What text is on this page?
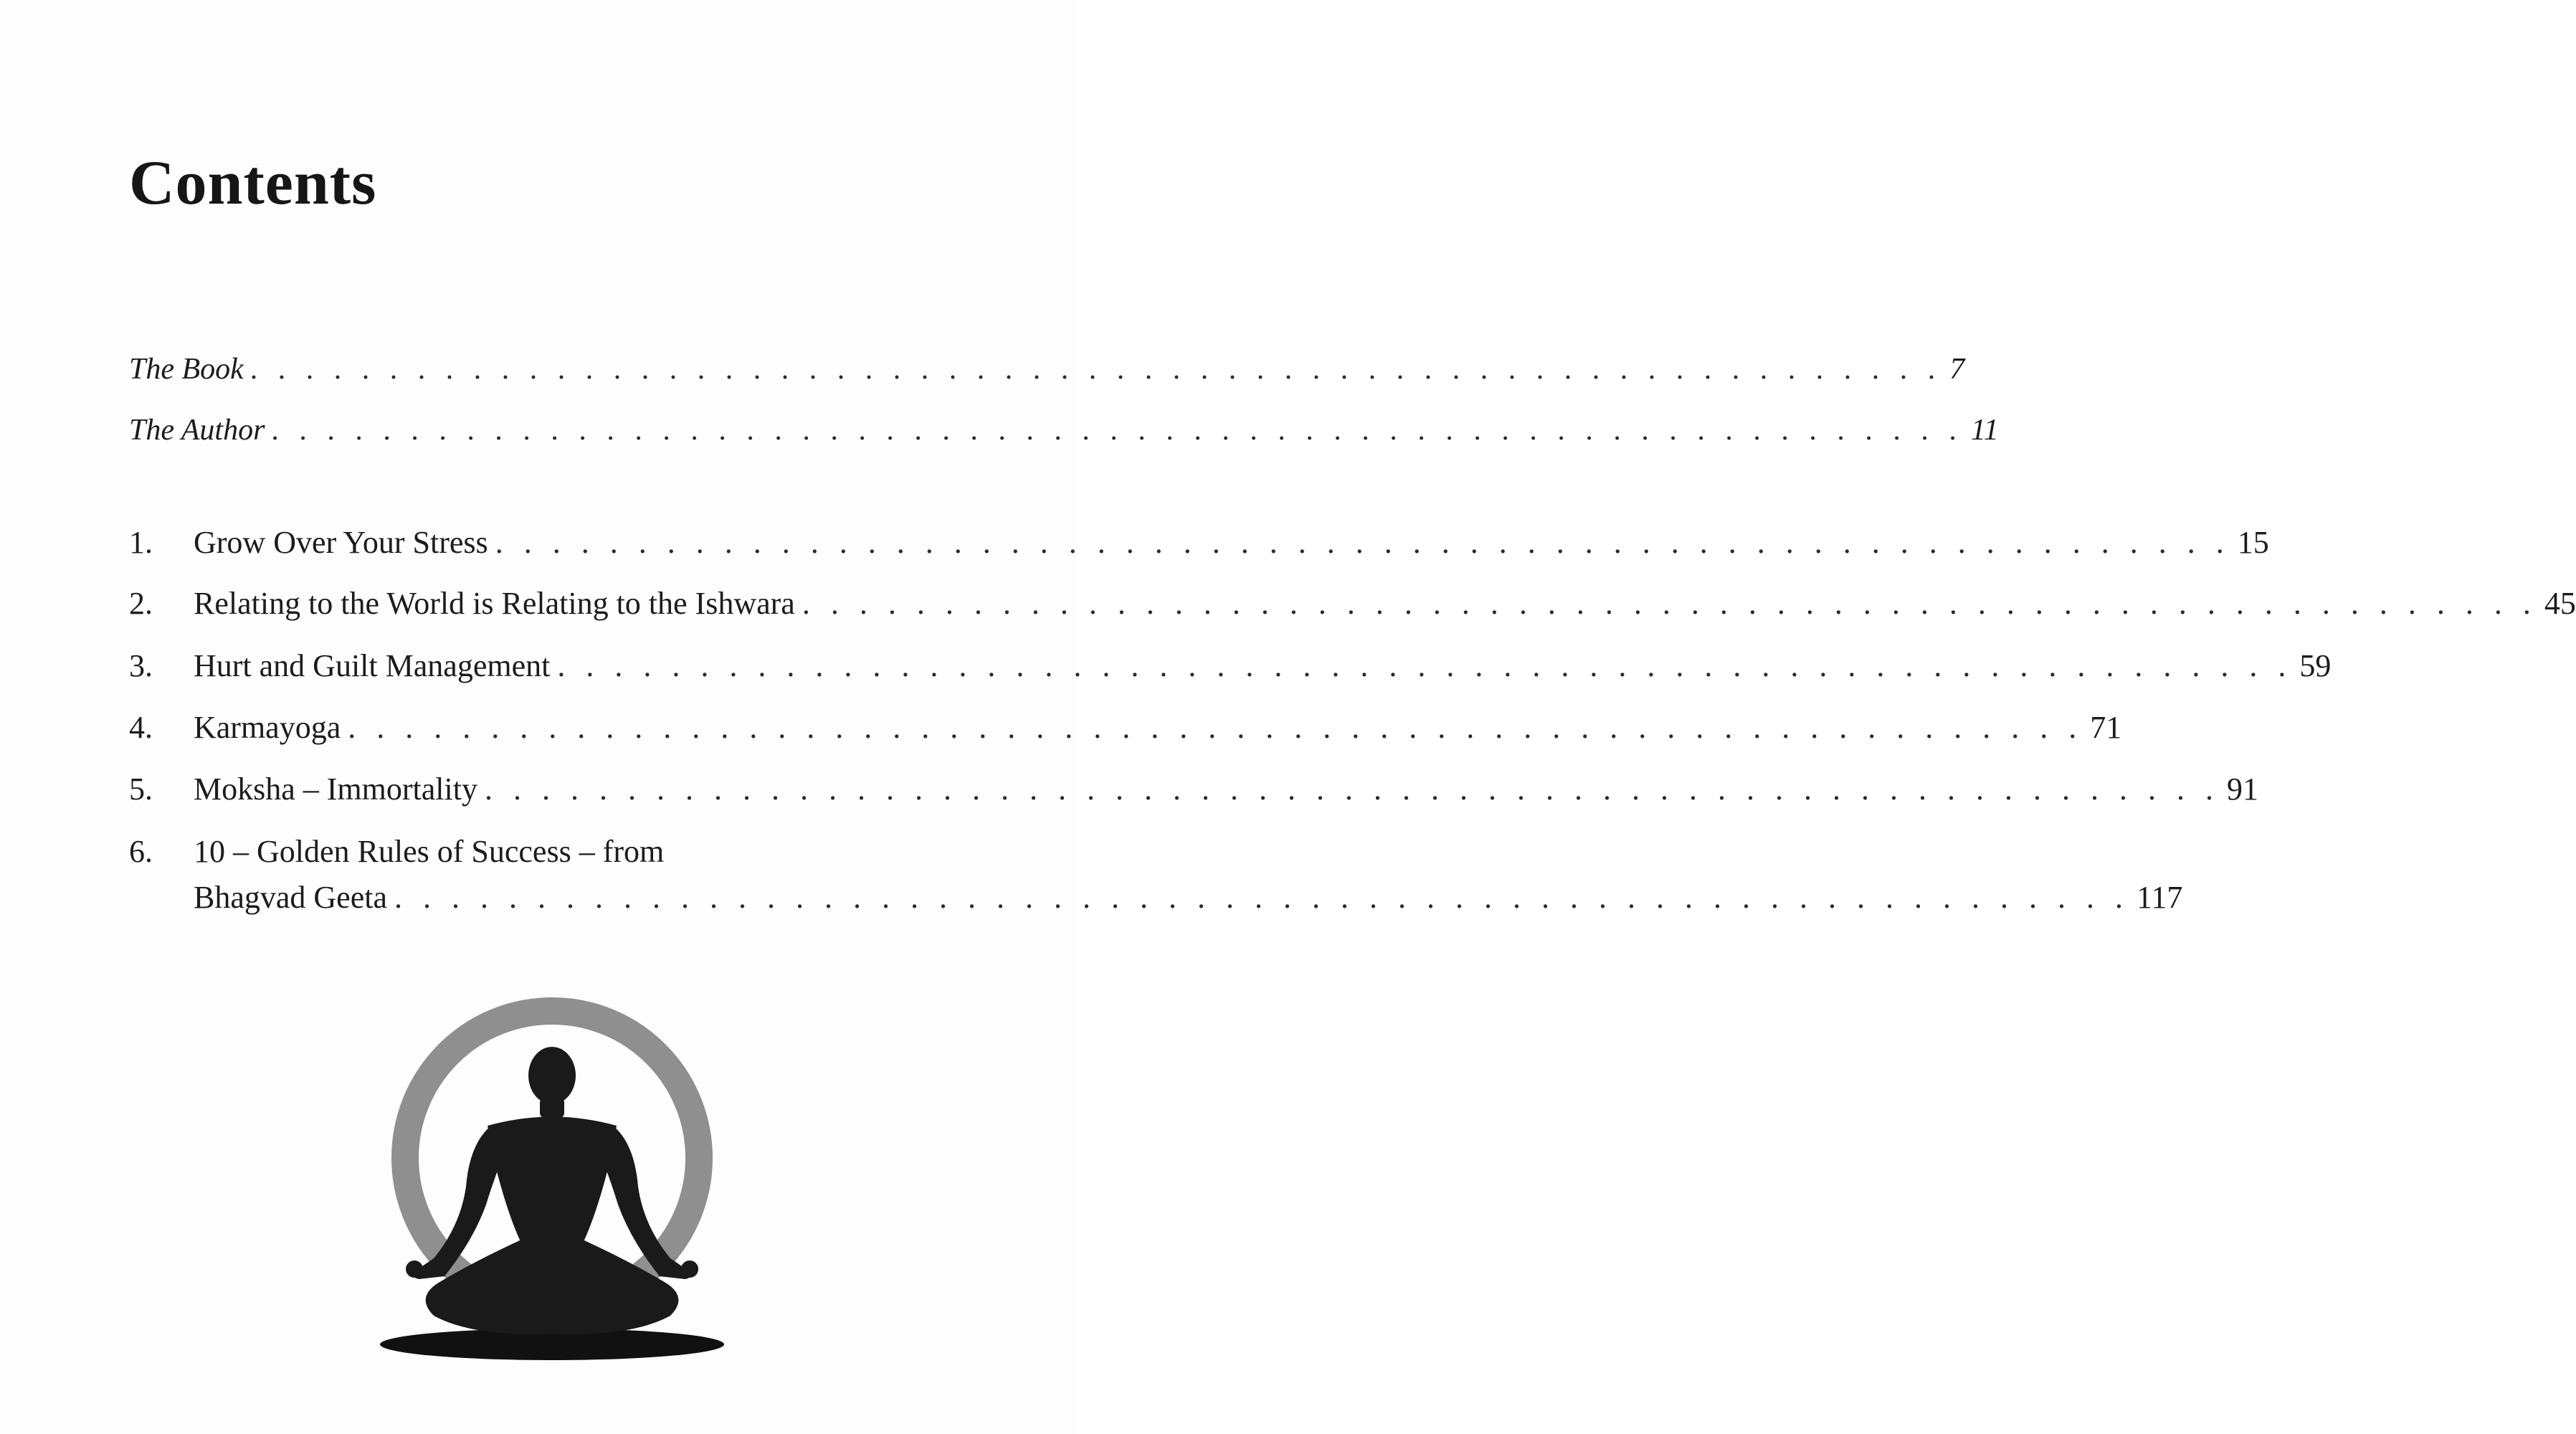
Contents
The Book . . . . . . . . . . . . . . . . . . . . . . . . . . . . . . . . . . . . . . . . . . . . . . . . . . . . . . . . . . . . . 7
The Author . . . . . . . . . . . . . . . . . . . . . . . . . . . . . . . . . . . . . . . . . . . . . . . . . . . . . . . . . . . . . 11
1.	Grow Over Your Stress . . . . . . . . . . . . . . . . . . . . . . . . . . . . . . . . . . . . . . . . . . . . . . . . . . . . . . . . . . . . . 15
2.	Relating to the World is Relating to the Ishwara . . . . . . . . . . . . . . . . . . . . . . . . . . . . . . . . . . . . . . . . . . . . . . . . . . . . . . . . . . . . . 45
3.	Hurt and Guilt Management . . . . . . . . . . . . . . . . . . . . . . . . . . . . . . . . . . . . . . . . . . . . . . . . . . . . . . . . . . . . . 59
4.	Karmayoga . . . . . . . . . . . . . . . . . . . . . . . . . . . . . . . . . . . . . . . . . . . . . . . . . . . . . . . . . . . . . 71
5.	Moksha – Immortality . . . . . . . . . . . . . . . . . . . . . . . . . . . . . . . . . . . . . . . . . . . . . . . . . . . . . . . . . . . . . 91
6.	10 – Golden Rules of Success – from
Bhagvad Geeta . . . . . . . . . . . . . . . . . . . . . . . . . . . . . . . . . . . . . . . . . . . . . . . . . . . . . . . . . . . . . 117
